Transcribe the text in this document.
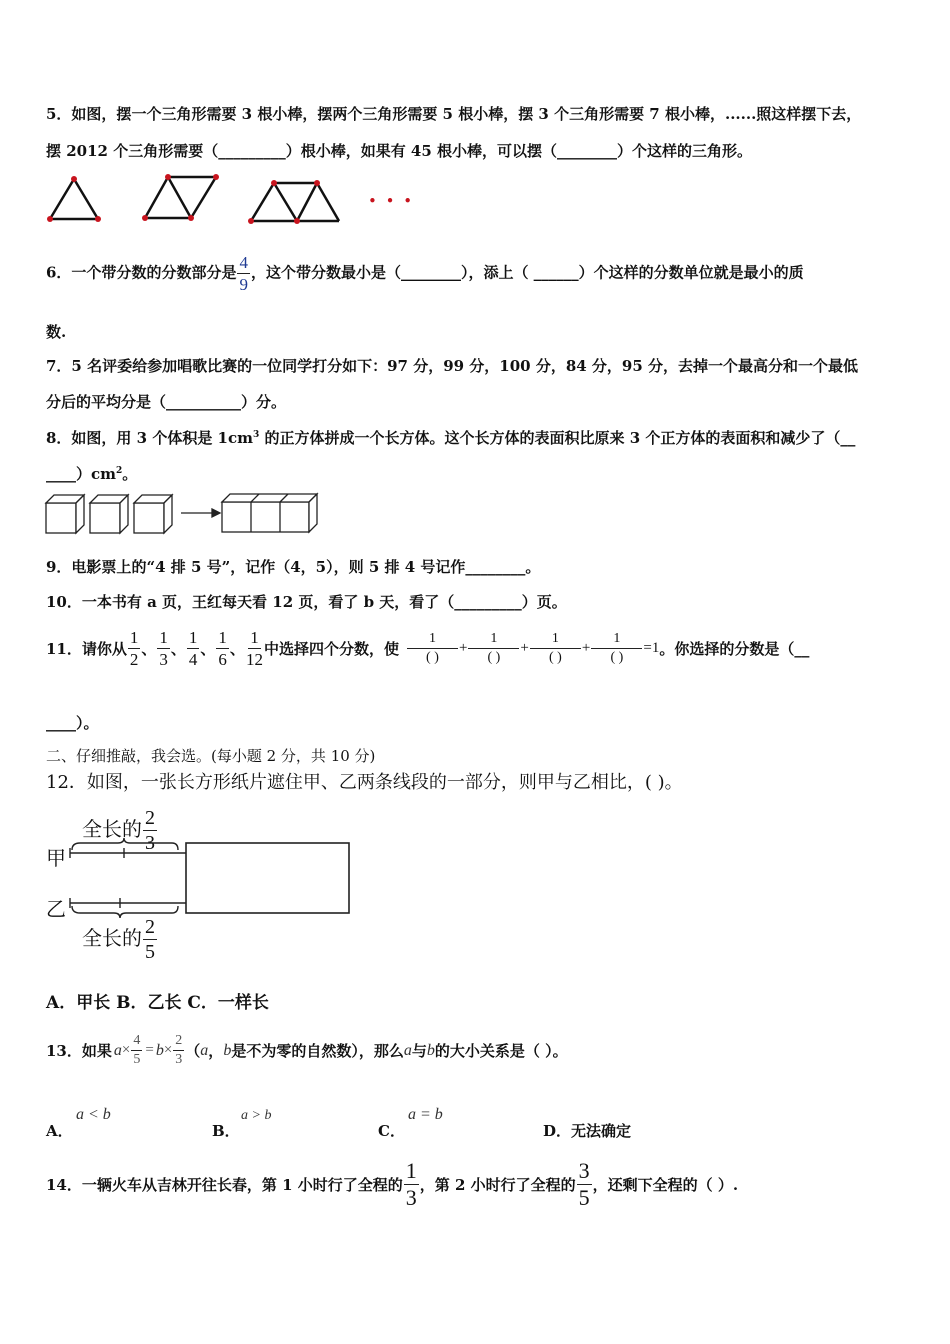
5．如图，摆一个三角形需要 3 根小棒，摆两个三角形需要 5 根小棒，摆 3 个三角形需要 7 根小棒，......照这样摆下去，
摆 2012 个三角形需要（_________）根小棒，如果有 45 根小棒，可以摆（________）个这样的三角形。
• • •
6．一个带分数的分数部分是 $\frac{4}{9}$ ，这个带分数最小是（________），添上（ ______）个这样的分数单位就是最小的质
数.
7．5 名评委给参加唱歌比赛的一位同学打分如下：97 分，99 分，100 分，84 分，95 分，去掉一个最高分和一个最低
分后的平均分是（__________）分。
8．如图，用 3 个体积是 $1cm^3$ 的正方体拼成一个长方体。这个长方体的表面积比原来 3 个正方体的表面积和减少了（__
$\_\_\_\_)cm^2$。
9．电影票上的“4 排 5 号”，记作（4，5），则 5 排 4 号记作________。
10．一本书有 a 页，王红每天看 12 页，看了 b 天，看了（_________）页。
11．请你从 $\frac{1}{2}$ 、 $\frac{1}{3}$ 、 $\frac{1}{4}$ 、 $\frac{1}{6}$ 、 $\frac{1}{12}$ 中选择四个分数，使 $\frac{1}{( )} + \frac{1}{( )} + \frac{1}{( )} + \frac{1}{( )} =1$ 。你选择的分数是（__
____）。
二、仔细推敲，我会选。(每小题 2 分，共 10 分)
12．如图，一张长方形纸片遮住甲、乙两条线段的一部分，则甲与乙相比，( )。
全长的 $\frac{2}{3}$
甲
乙
全长的 $\frac{2}{5}$
A．甲长 B．乙长 C．一样长
13．如果 $a \times \frac{4}{5} = b \times \frac{2}{3}$ （ a ， b 是不为零的自然数），那么 a 与 b 的大小关系是（ ）。
A．
a < b
B．
a > b
C．
a = b
D．无法确定
14．一辆火车从吉林开往长春，第 1 小时行了全程的 $\frac{1}{3}$ ，第 2 小时行了全程的 $\frac{3}{5}$ ，还剩下全程的（ ）.
